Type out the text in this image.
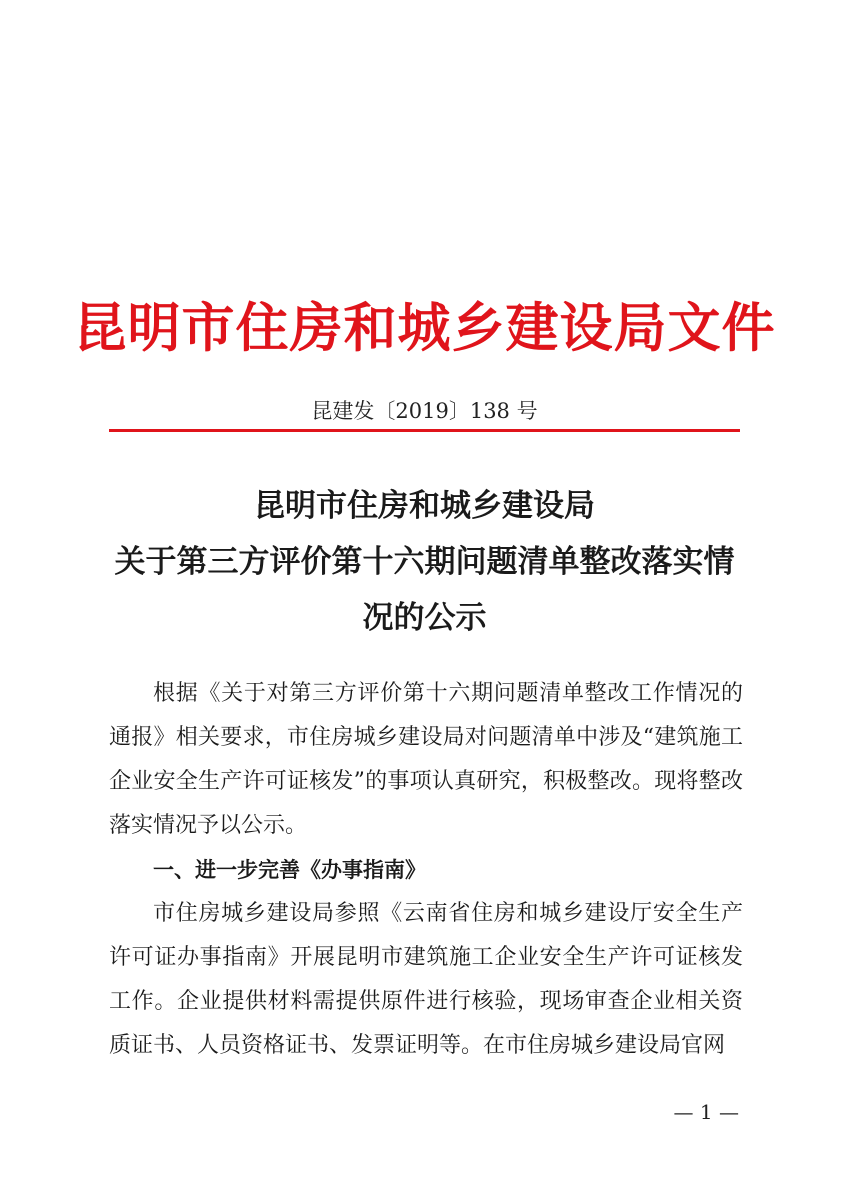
昆明市住房和城乡建设局文件
昆建发〔2019〕138 号
昆明市住房和城乡建设局
关于第三方评价第十六期问题清单整改落实情
况的公示

根据《关于对第三方评价第十六期问题清单整改工作情况的通报》相关要求，市住房城乡建设局对问题清单中涉及“建筑施工企业安全生产许可证核发”的事项认真研究，积极整改。现将整改落实情况予以公示。

一、进一步完善《办事指南》

市住房城乡建设局参照《云南省住房和城乡建设厅安全生产许可证办事指南》开展昆明市建筑施工企业安全生产许可证核发工作。企业提供材料需提供原件进行核验，现场审查企业相关资质证书、人员资格证书、发票证明等。在市住房城乡建设局官网

— 1 —
